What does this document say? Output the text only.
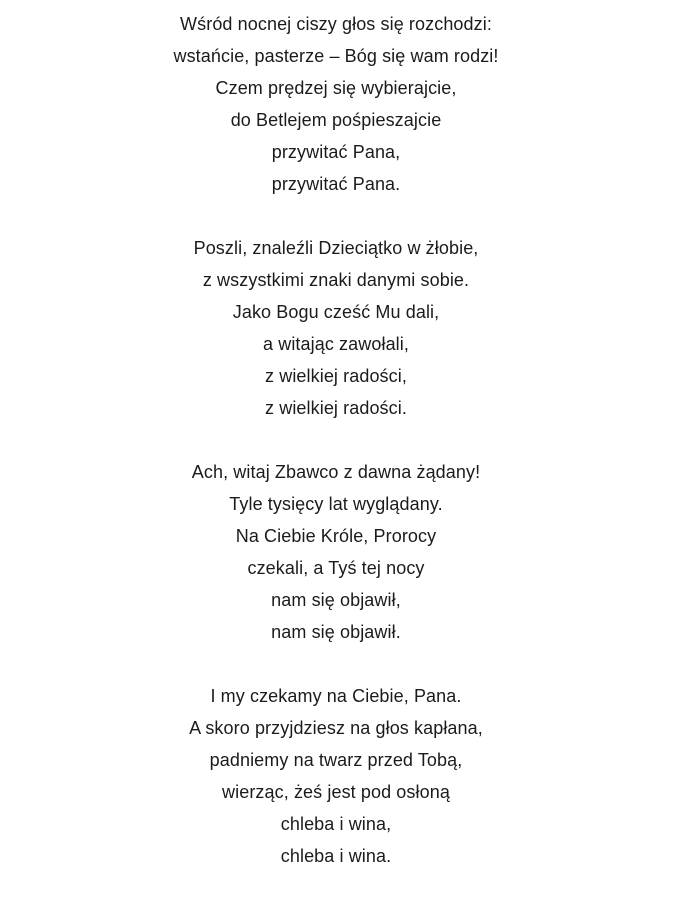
Wśród nocnej ciszy głos się rozchodzi:
wstańcie, pasterze – Bóg się wam rodzi!
Czem prędzej się wybierajcie,
do Betlejem pośpieszajcie
przywitać Pana,
przywitać Pana.
Poszli, znaleźli Dzieciątko w żłobie,
z wszystkimi znaki danymi sobie.
Jako Bogu cześć Mu dali,
a witając zawołali,
z wielkiej radości,
z wielkiej radości.
Ach, witaj Zbawco z dawna żądany!
Tyle tysięcy lat wyglądany.
Na Ciebie Króle, Prorocy
czekali, a Tyś tej nocy
nam się objawił,
nam się objawił.
I my czekamy na Ciebie, Pana.
A skoro przyjdziesz na głos kapłana,
padniemy na twarz przed Tobą,
wierząc, żeś jest pod osłoną
chleba i wina,
chleba i wina.
